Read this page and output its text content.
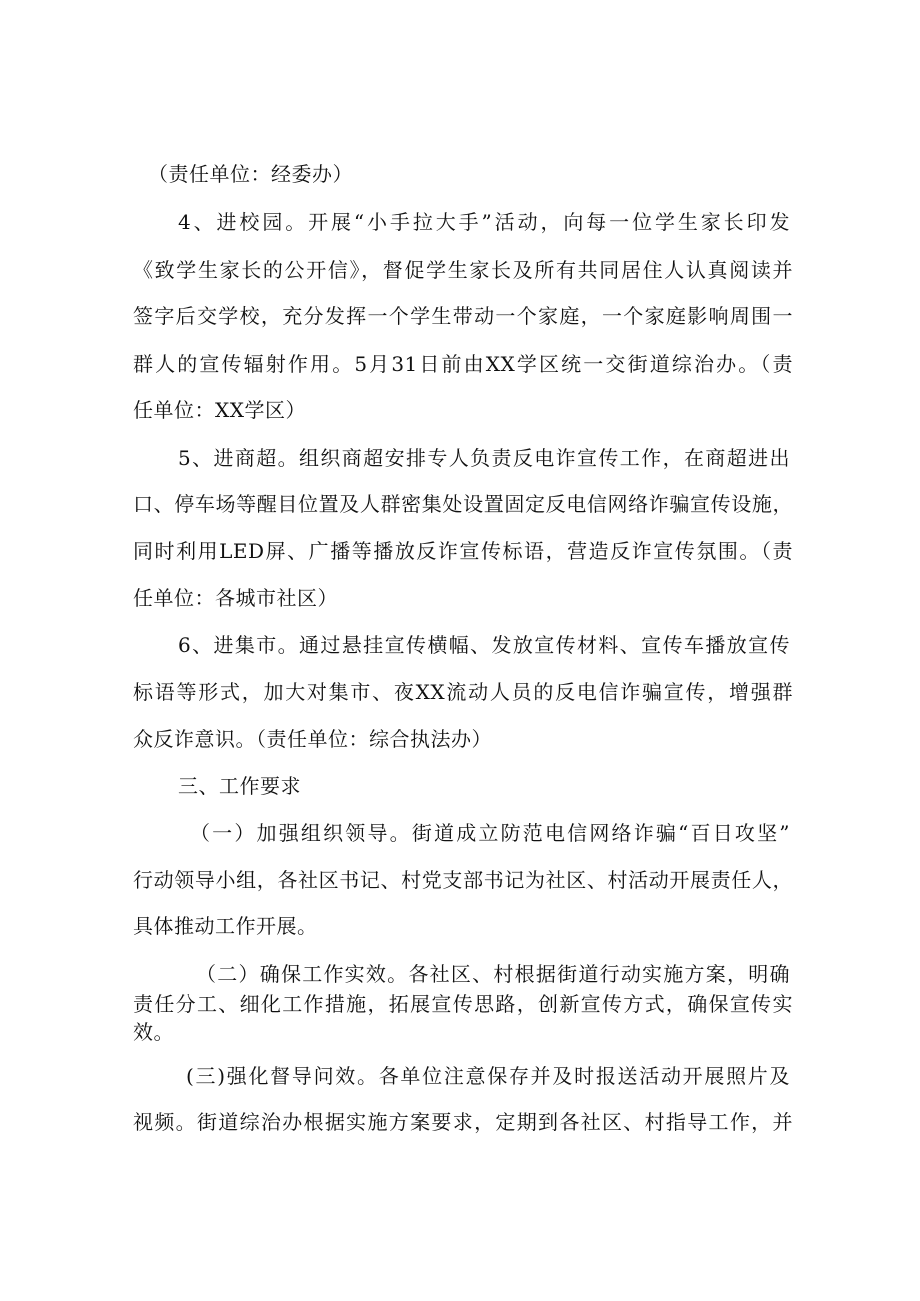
（责任单位：经委办）
4、进校园。开展“小手拉大手”活动，向每一位学生家长印发
《致学生家长的公开信》，督促学生家长及所有共同居住人认真阅读并
签字后交学校，充分发挥一个学生带动一个家庭，一个家庭影响周围一
群人的宣传辐射作用。5月31日前由XX学区统一交街道综治办。（责
任单位：XX学区）
5、进商超。组织商超安排专人负责反电诈宣传工作，在商超进出
口、停车场等醒目位置及人群密集处设置固定反电信网络诈骗宣传设施，
同时利用LED屏、广播等播放反诈宣传标语，营造反诈宣传氛围。（责
任单位：各城市社区）
6、进集市。通过悬挂宣传横幅、发放宣传材料、宣传车播放宣传
标语等形式，加大对集市、夜XX流动人员的反电信诈骗宣传，增强群
众反诈意识。（责任单位：综合执法办）
三、工作要求
（一）加强组织领导。街道成立防范电信网络诈骗“百日攻坚”
行动领导小组，各社区书记、村党支部书记为社区、村活动开展责任人，
具体推动工作开展。
（二）确保工作实效。各社区、村根据街道行动实施方案，明确
责任分工、细化工作措施，拓展宣传思路，创新宣传方式，确保宣传实
效。
(三)强化督导问效。各单位注意保存并及时报送活动开展照片及
视频。街道综治办根据实施方案要求，定期到各社区、村指导工作，并
